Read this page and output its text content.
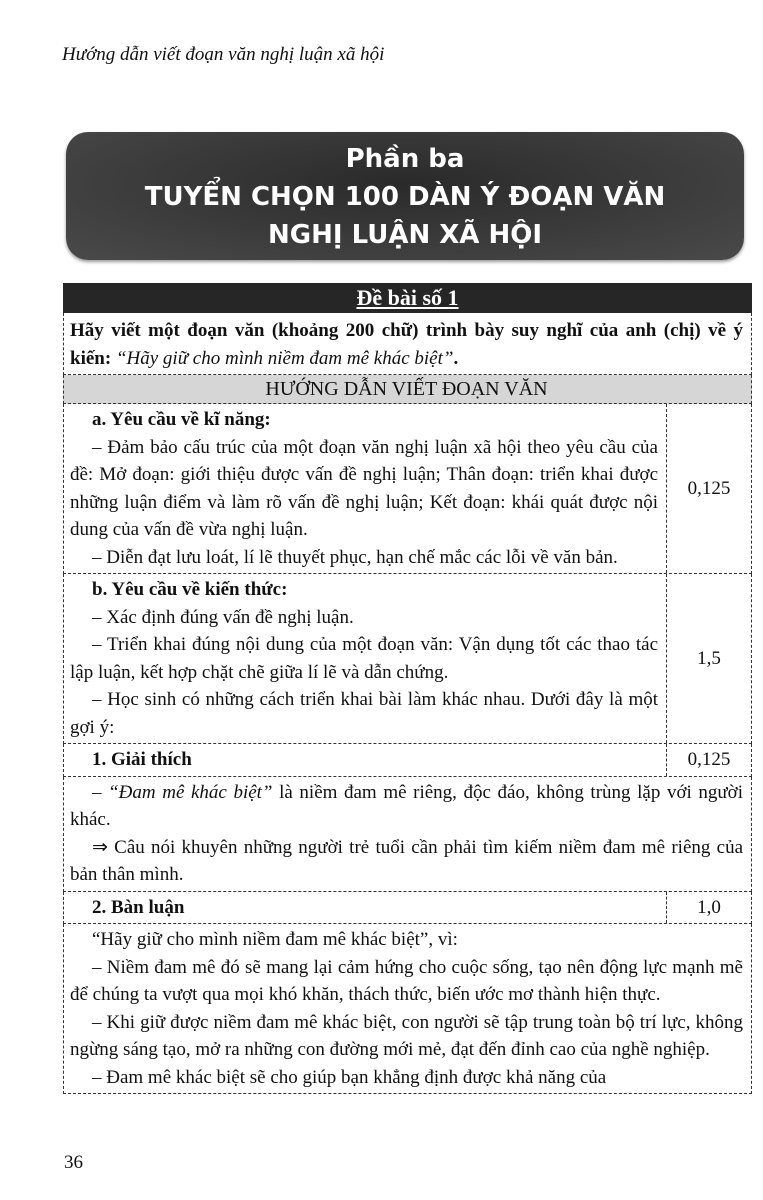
Hướng dẫn viết đoạn văn nghị luận xã hội
Phần ba
TUYỂN CHỌN 100 DÀN Ý ĐOẠN VĂN
NGHỊ LUẬN XÃ HỘI
Đề bài số 1
Hãy viết một đoạn văn (khoảng 200 chữ) trình bày suy nghĩ của anh (chị) về ý kiến: “Hãy giữ cho mình niềm đam mê khác biệt”.
HƯỚNG DẪN VIẾT ĐOẠN VĂN

a. Yêu cầu về kĩ năng:

– Đảm bảo cấu trúc của một đoạn văn nghị luận xã hội theo yêu cầu của đề: Mở đoạn: giới thiệu được vấn đề nghị luận; Thân đoạn: triển khai được những luận điểm và làm rõ vấn đề nghị luận; Kết đoạn: khái quát được nội dung của vấn đề vừa nghị luận.

– Diễn đạt lưu loát, lí lẽ thuyết phục, hạn chế mắc các lỗi về văn bản.

0,125

b. Yêu cầu về kiến thức:

– Xác định đúng vấn đề nghị luận.

– Triển khai đúng nội dung của một đoạn văn: Vận dụng tốt các thao tác lập luận, kết hợp chặt chẽ giữa lí lẽ và dẫn chứng.

– Học sinh có những cách triển khai bài làm khác nhau. Dưới đây là một gợi ý:

1,5

1. Giải thích	0,125

– “Đam mê khác biệt” là niềm đam mê riêng, độc đáo, không trùng lặp với người khác.

⇒ Câu nói khuyên những người trẻ tuổi cần phải tìm kiếm niềm đam mê riêng của bản thân mình.

2. Bàn luận	1,0

“Hãy giữ cho mình niềm đam mê khác biệt”, vì:

– Niềm đam mê đó sẽ mang lại cảm hứng cho cuộc sống, tạo nên động lực mạnh mẽ để chúng ta vượt qua mọi khó khăn, thách thức, biến ước mơ thành hiện thực.

– Khi giữ được niềm đam mê khác biệt, con người sẽ tập trung toàn bộ trí lực, không ngừng sáng tạo, mở ra những con đường mới mẻ, đạt đến đỉnh cao của nghề nghiệp.

– Đam mê khác biệt sẽ cho giúp bạn khẳng định được khả năng của

36
